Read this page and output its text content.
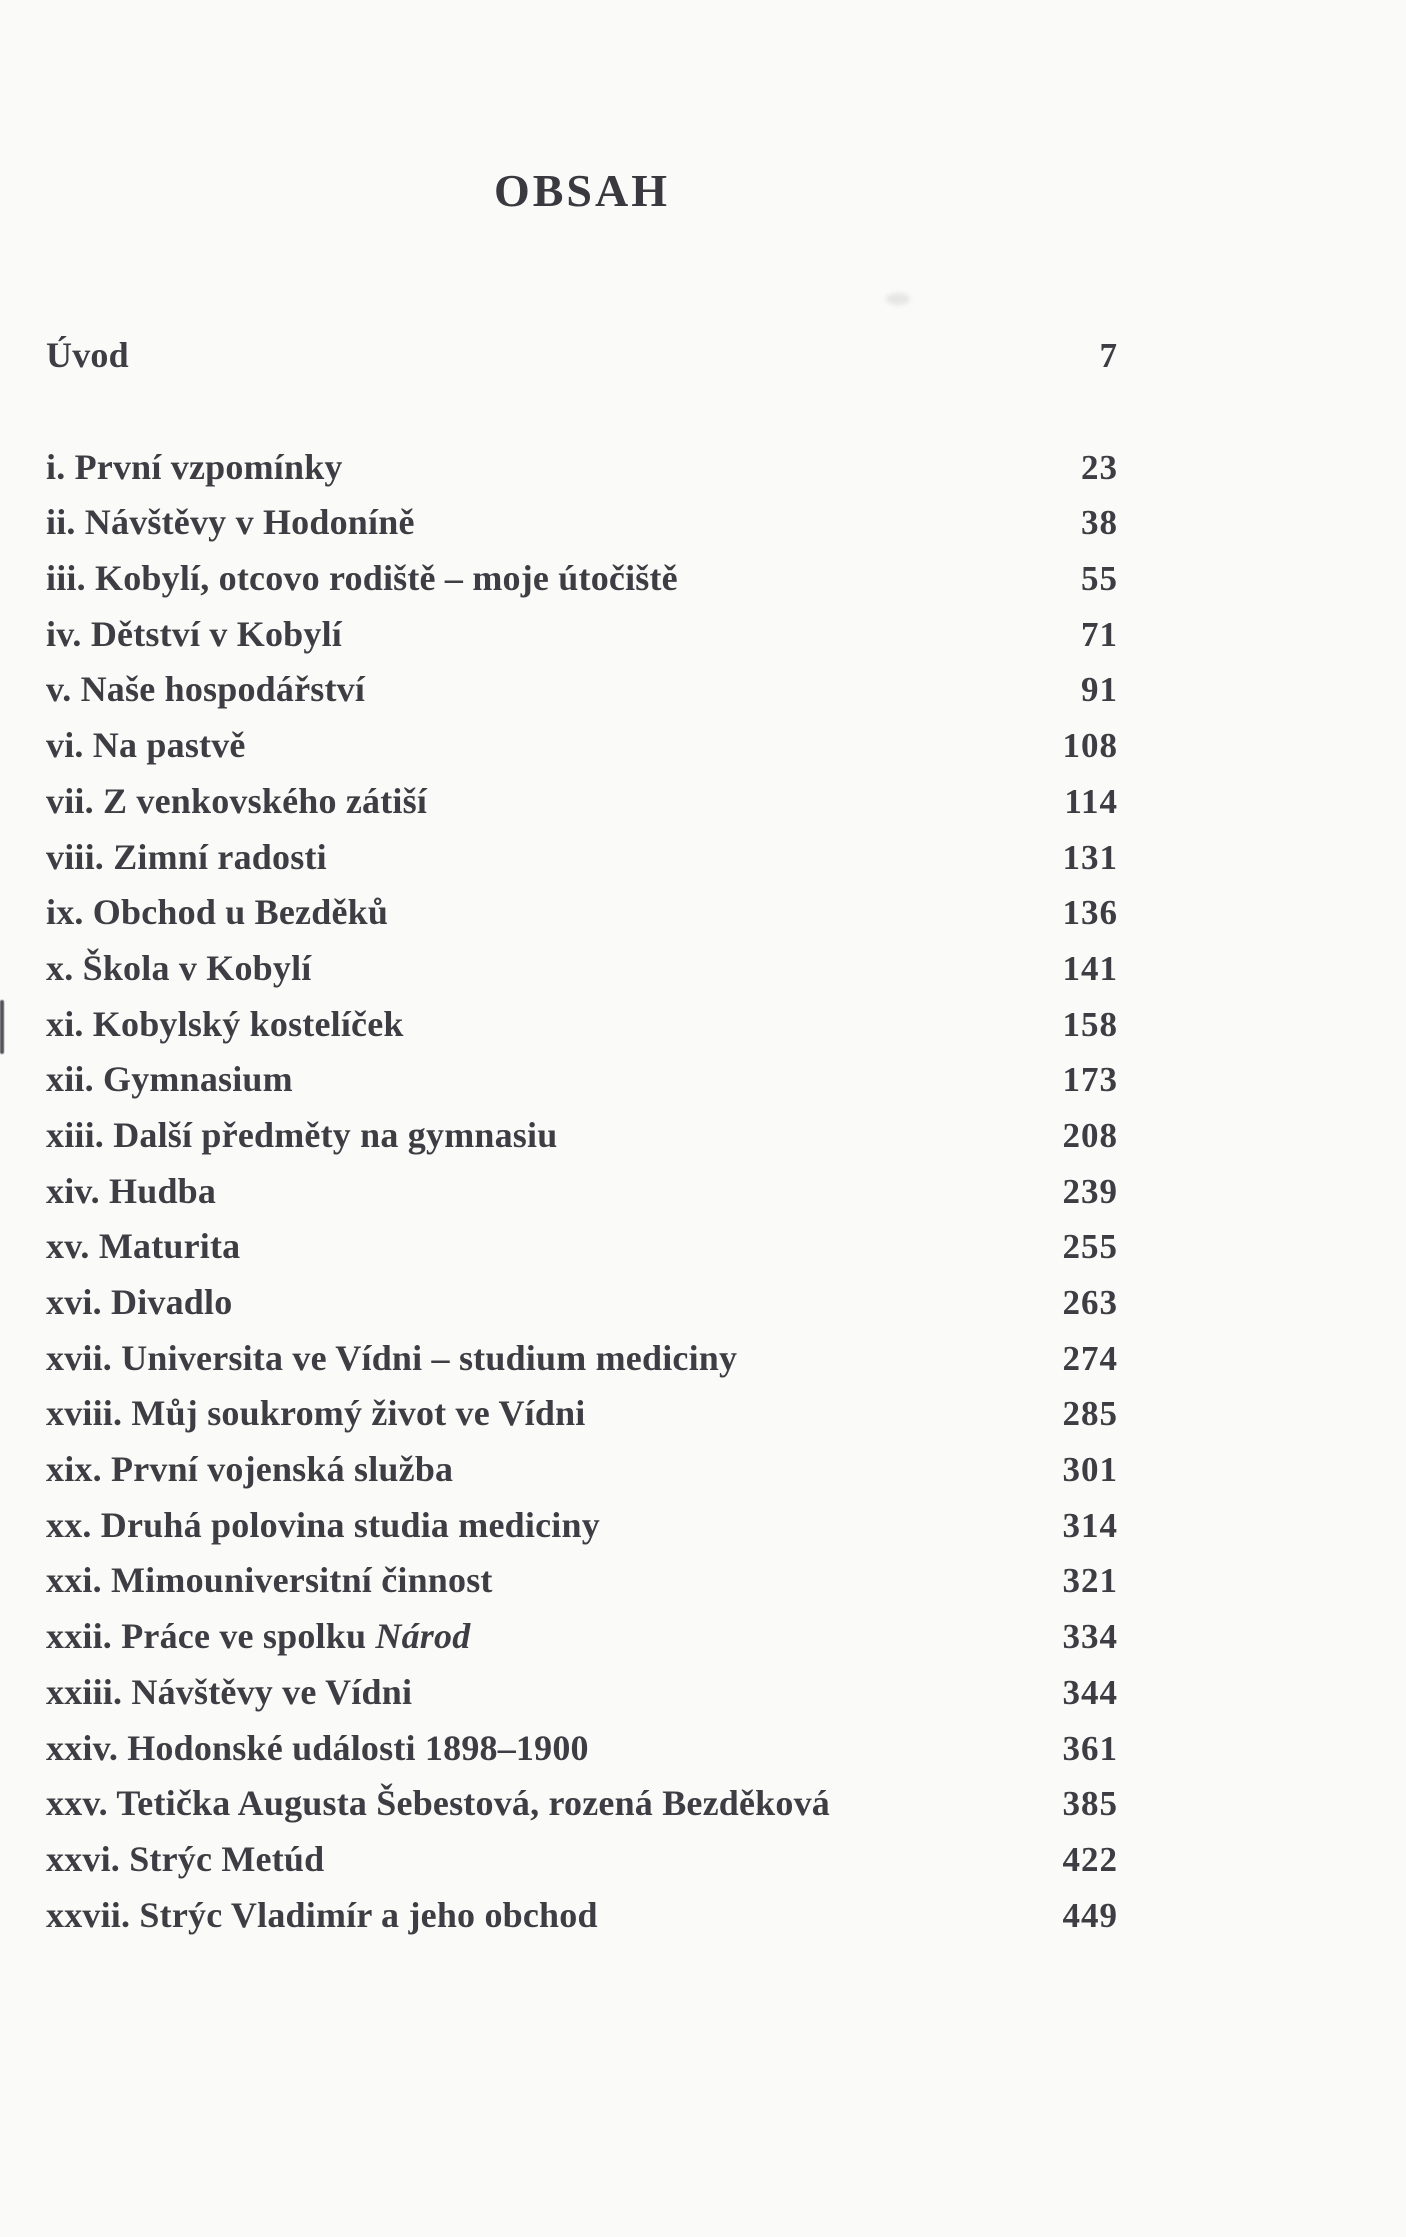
OBSAH
Úvod	7
i. První vzpomínky	23
ii. Návštěvy v Hodoníně	38
iii. Kobylí, otcovo rodiště – moje útočiště	55
iv. Dětství v Kobylí	71
v. Naše hospodářství	91
vi. Na pastvě	108
vii. Z venkovského zátiší	114
viii. Zimní radosti	131
ix. Obchod u Bezděků	136
x. Škola v Kobylí	141
xi. Kobylský kostelíček	158
xii. Gymnasium	173
xiii. Další předměty na gymnasiu	208
xiv. Hudba	239
xv. Maturita	255
xvi. Divadlo	263
xvii. Universita ve Vídni – studium mediciny	274
xviii. Můj soukromý život ve Vídni	285
xix. První vojenská služba	301
xx. Druhá polovina studia mediciny	314
xxi. Mimouniversitní činnost	321
xxii. Práce ve spolku Národ	334
xxiii. Návštěvy ve Vídni	344
xxiv. Hodonské události 1898–1900	361
xxv. Tetička Augusta Šebestová, rozená Bezděková	385
xxvi. Strýc Metúd	422
xxvii. Strýc Vladimír a jeho obchod	449
